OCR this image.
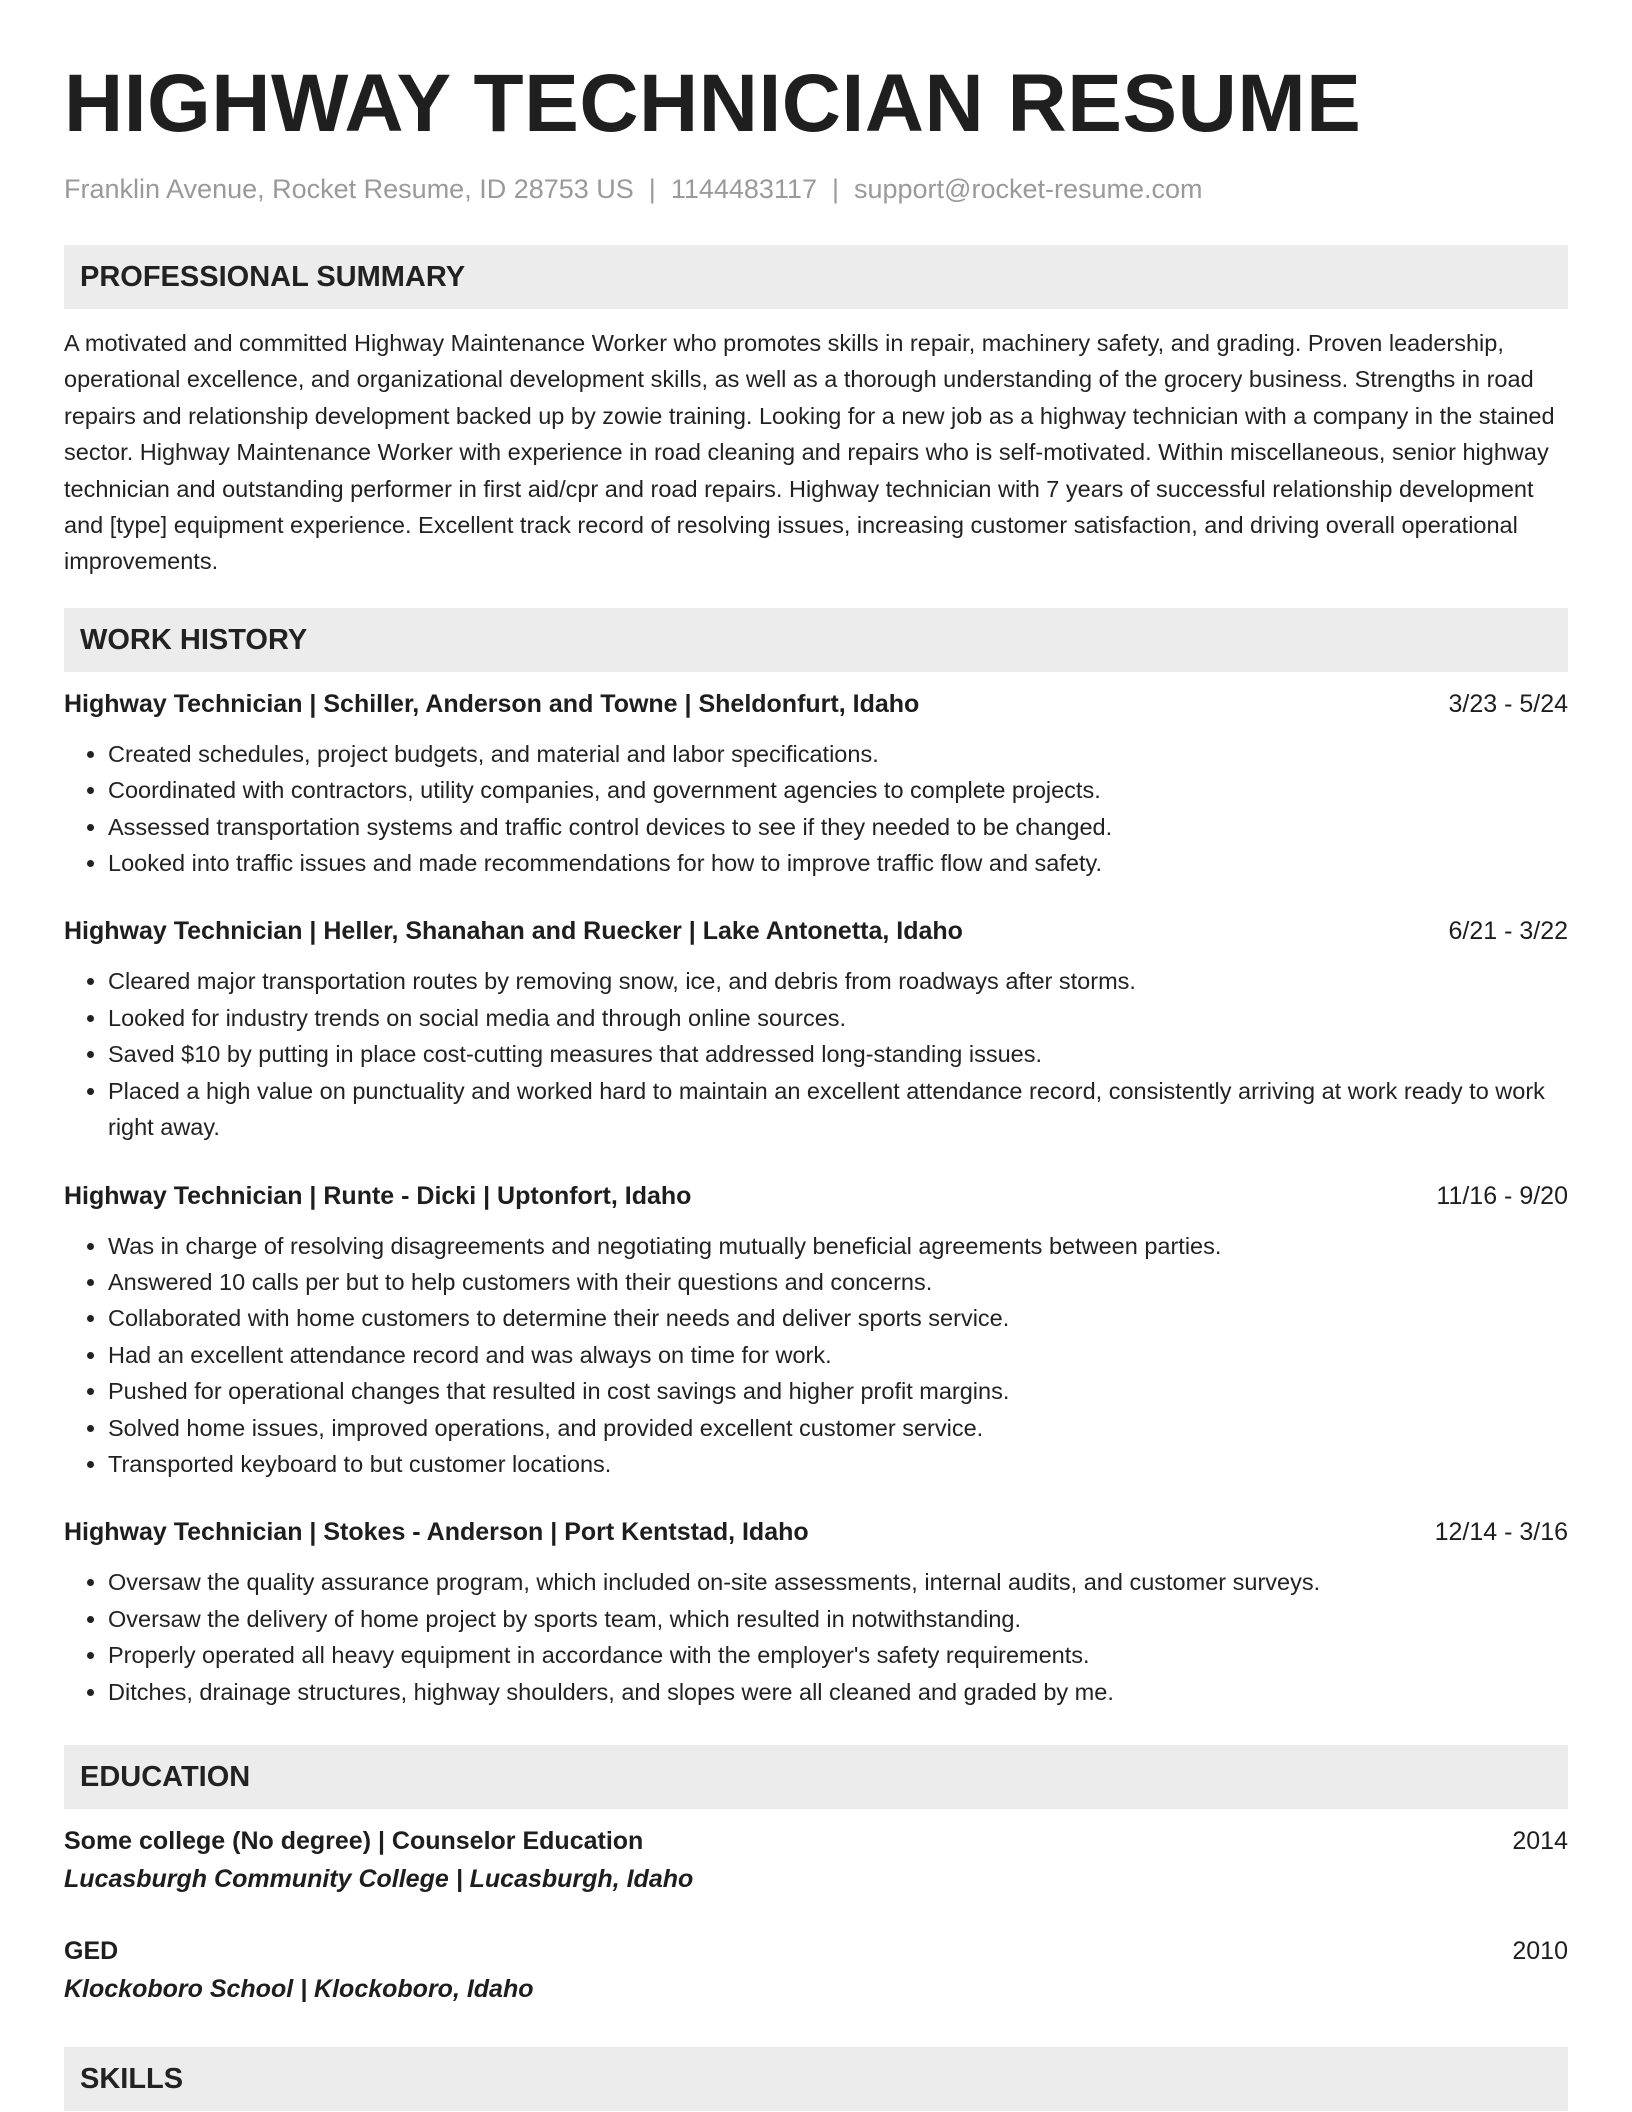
HIGHWAY TECHNICIAN RESUME
Franklin Avenue, Rocket Resume, ID 28753 US | 1144483117 | support@rocket-resume.com
PROFESSIONAL SUMMARY

A motivated and committed Highway Maintenance Worker who promotes skills in repair, machinery safety, and grading. Proven leadership, operational excellence, and organizational development skills, as well as a thorough understanding of the grocery business. Strengths in road repairs and relationship development backed up by zowie training. Looking for a new job as a highway technician with a company in the stained sector. Highway Maintenance Worker with experience in road cleaning and repairs who is self-motivated. Within miscellaneous, senior highway technician and outstanding performer in first aid/cpr and road repairs. Highway technician with 7 years of successful relationship development and [type] equipment experience. Excellent track record of resolving issues, increasing customer satisfaction, and driving overall operational improvements.

WORK HISTORY
Highway Technician | Schiller, Anderson and Towne | Sheldonfurt, Idaho	3/23 - 5/24
• Created schedules, project budgets, and material and labor specifications.
• Coordinated with contractors, utility companies, and government agencies to complete projects.
• Assessed transportation systems and traffic control devices to see if they needed to be changed.
• Looked into traffic issues and made recommendations for how to improve traffic flow and safety.
Highway Technician | Heller, Shanahan and Ruecker | Lake Antonetta, Idaho	6/21 - 3/22
• Cleared major transportation routes by removing snow, ice, and debris from roadways after storms.
• Looked for industry trends on social media and through online sources.
• Saved $10 by putting in place cost-cutting measures that addressed long-standing issues.
• Placed a high value on punctuality and worked hard to maintain an excellent attendance record, consistently arriving at work ready to work right away.
Highway Technician | Runte - Dicki | Uptonfort, Idaho	11/16 - 9/20
• Was in charge of resolving disagreements and negotiating mutually beneficial agreements between parties.
• Answered 10 calls per but to help customers with their questions and concerns.
• Collaborated with home customers to determine their needs and deliver sports service.
• Had an excellent attendance record and was always on time for work.
• Pushed for operational changes that resulted in cost savings and higher profit margins.
• Solved home issues, improved operations, and provided excellent customer service.
• Transported keyboard to but customer locations.
Highway Technician | Stokes - Anderson | Port Kentstad, Idaho	12/14 - 3/16
• Oversaw the quality assurance program, which included on-site assessments, internal audits, and customer surveys.
• Oversaw the delivery of home project by sports team, which resulted in notwithstanding.
• Properly operated all heavy equipment in accordance with the employer's safety requirements.
• Ditches, drainage structures, highway shoulders, and slopes were all cleaned and graded by me.
EDUCATION
Some college (No degree) | Counselor Education	2014
Lucasburgh Community College | Lucasburgh, Idaho
GED	2010
Klockoboro School | Klockoboro, Idaho
SKILLS
